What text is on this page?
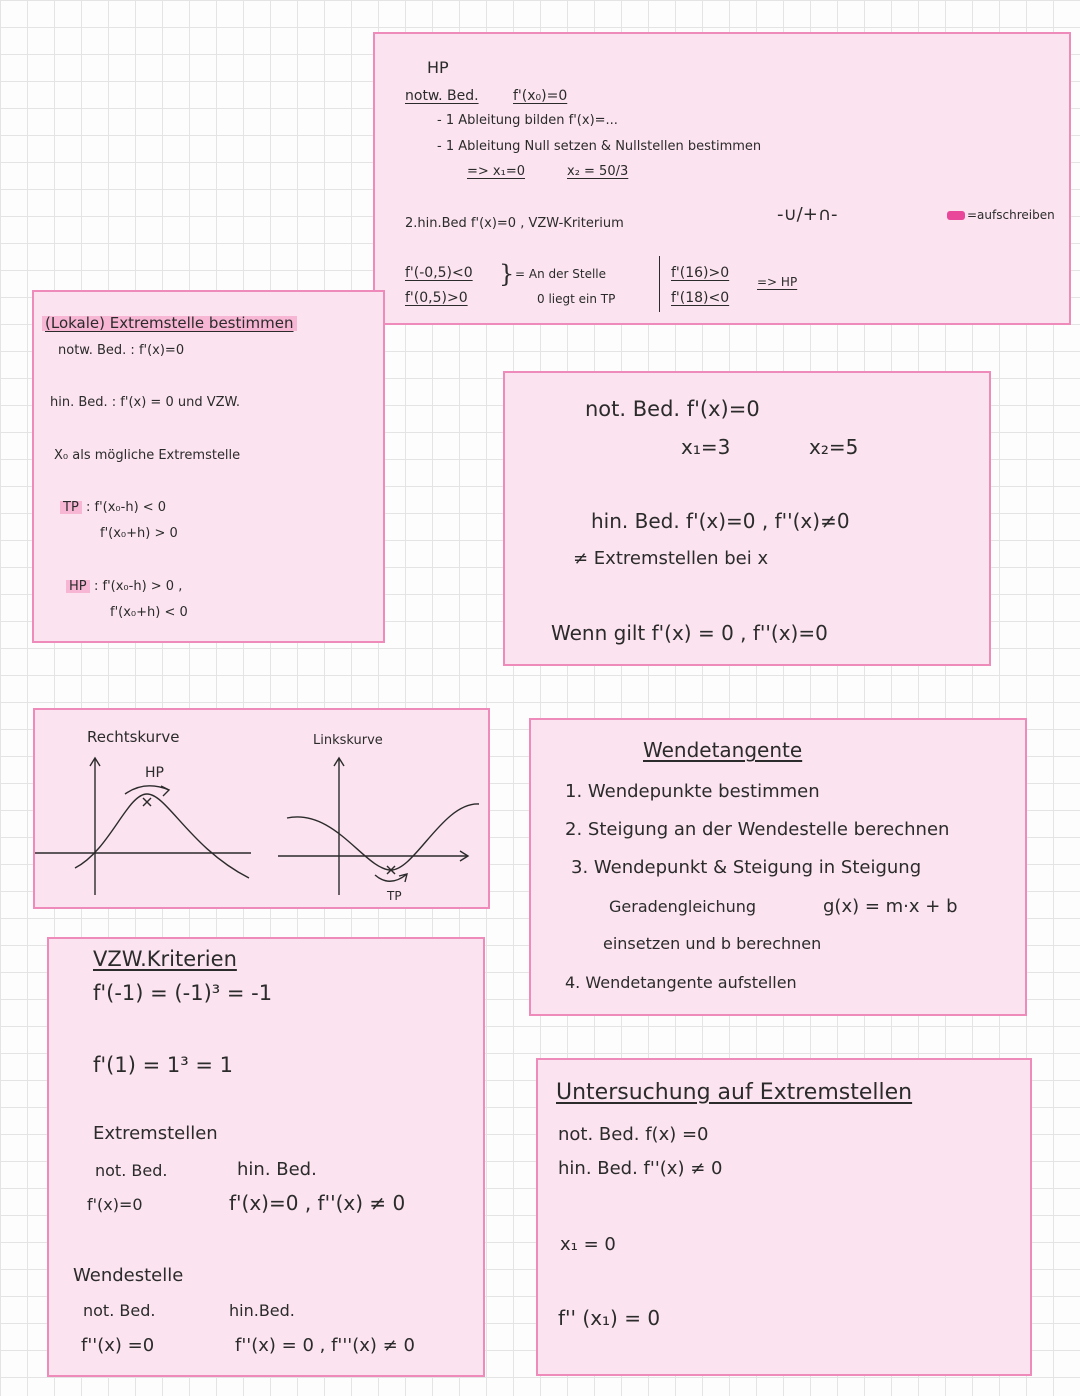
HP
notw. Bed. f'(x₀)=0
- 1 Ableitung bilden f'(x)=...
- 1 Ableitung Null setzen & Nullstellen bestimmen
=> x₁=0	x₂ = 50/3
2.hin.Bed f'(x)=0 , VZW-Kriterium	-∪/+∩-	=aufschreiben
f'(-0,5)<0
f'(0,5)>0
} = An der Stelle
0 liegt ein TP
f'(16)>0
f'(18)<0
=> HP
(Lokale) Extremstelle bestimmen
notw. Bed. : f'(x)=0
hin. Bed. : f'(x) = 0 und VZW.
X₀ als mögliche Extremstelle
TP : f'(x₀-h) < 0
f'(x₀+h) > 0
HP : f'(x₀-h) > 0 ,
f'(x₀+h) < 0
not. Bed. f'(x)=0
x₁=3	x₂=5
hin. Bed. f'(x)=0 , f''(x)≠0
≠ Extremstellen bei x
Wenn gilt f'(x) = 0 , f''(x)=0
Rechtskurve
HP
Linkskurve
TP
Wendetangente
1. Wendepunkte bestimmen
2. Steigung an der Wendestelle berechnen
3. Wendepunkt & Steigung in Steigung
Geradengleichung	g(x) = m·x + b
einsetzen und b berechnen
4. Wendetangente aufstellen
VZW.Kriterien
f'(-1) = (-1)³ = -1
f'(1) = 1³ = 1
Extremstellen
not. Bed.	hin. Bed.
f'(x)=0	f'(x)=0 , f''(x) ≠ 0
Wendestelle
not. Bed.	hin.Bed.
f''(x) =0	f''(x) = 0 , f'''(x) ≠ 0
Untersuchung auf Extremstellen
not. Bed. f(x) =0
hin. Bed. f''(x) ≠ 0
x₁ = 0
f'' (x₁) = 0
